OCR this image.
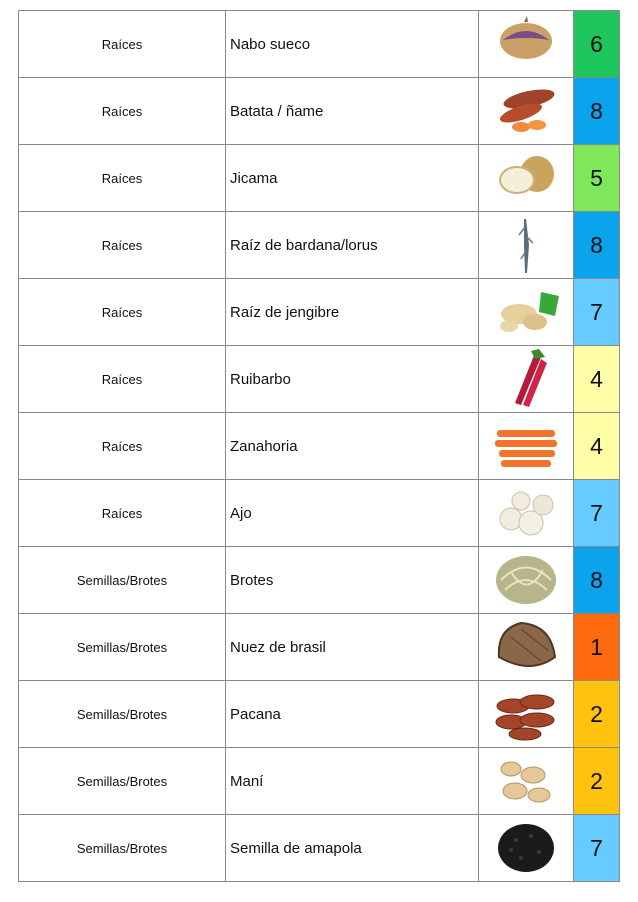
Raíces	Nabo sueco		6
Raíces	Batata / ñame		8
Raíces	Jicama		5
Raíces	Raíz de bardana/lorus		8
Raíces	Raíz de jengibre		7
Raíces	Ruibarbo		4
Raíces	Zanahoria		4
Raíces	Ajo		7
Semillas/Brotes	Brotes		8
Semillas/Brotes	Nuez de brasil		1
Semillas/Brotes	Pacana		2
Semillas/Brotes	Maní		2
Semillas/Brotes	Semilla de amapola		7
